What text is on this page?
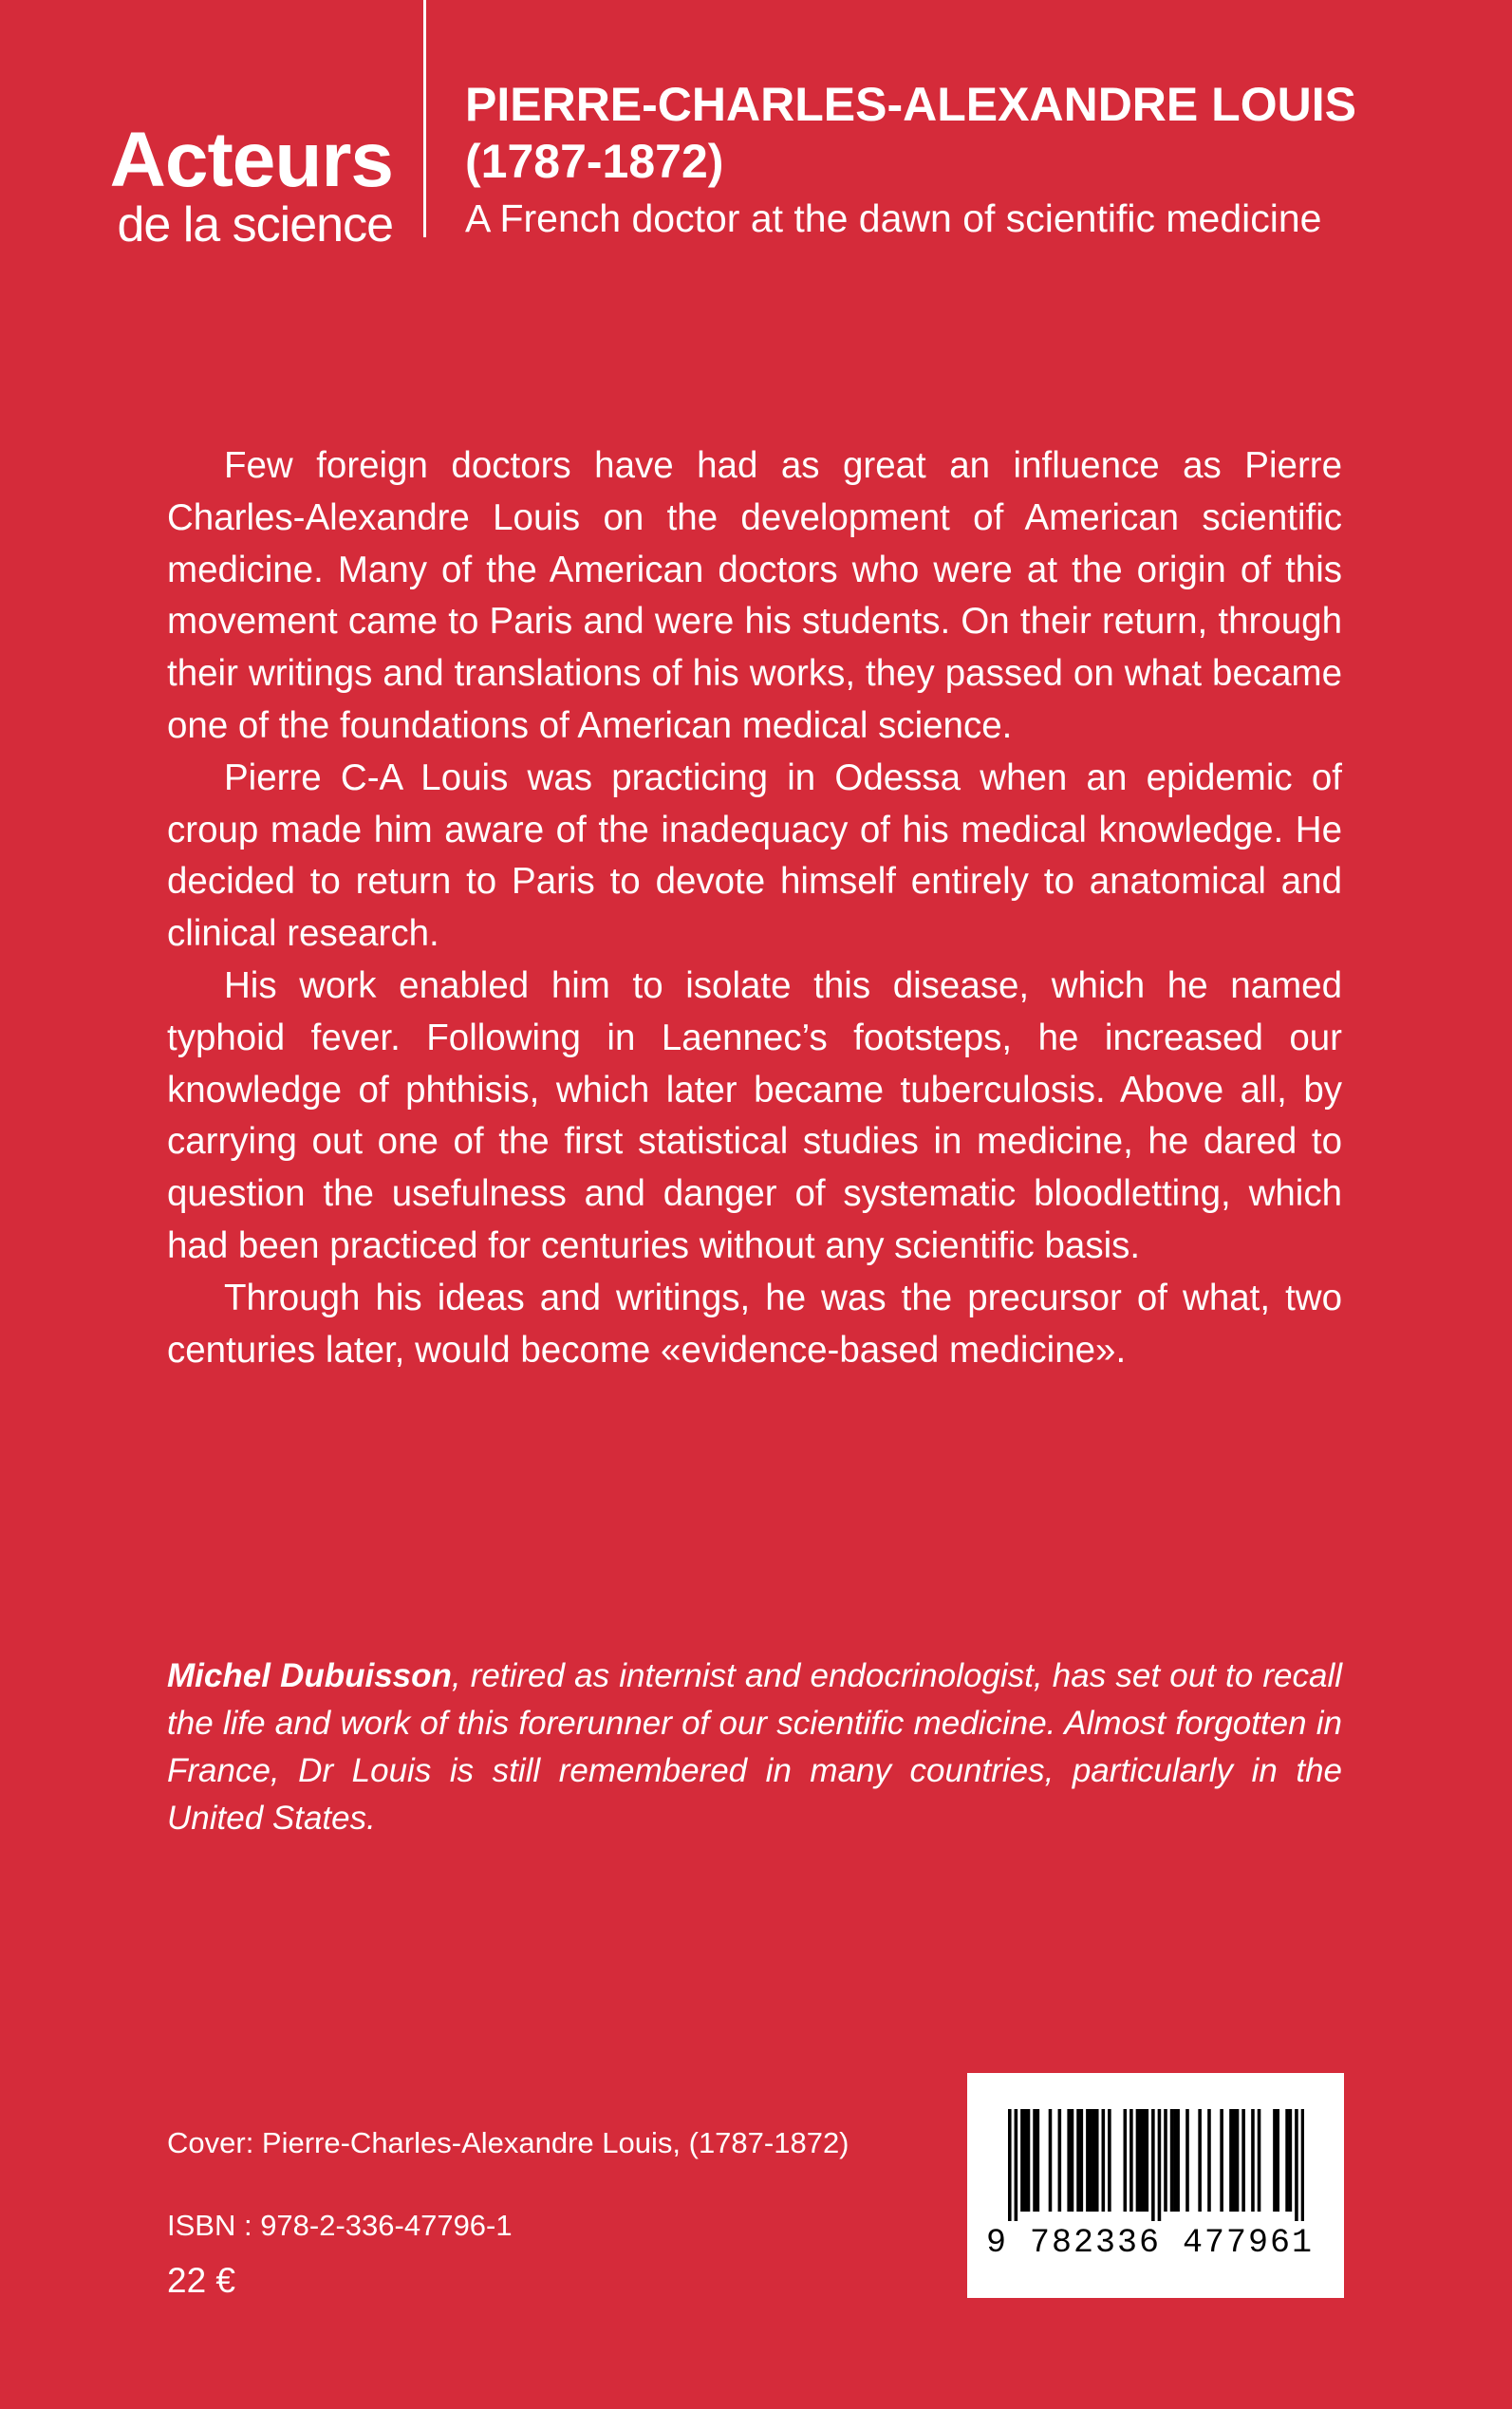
Acteurs
de la science
PIERRE-CHARLES-ALEXANDRE LOUIS
(1787-1872)
A French doctor at the dawn of scientific medicine

Few foreign doctors have had as great an influence as Pierre Charles-Alexandre Louis on the development of American scientific medicine. Many of the American doctors who were at the origin of this movement came to Paris and were his students. On their return, through their writings and translations of his works, they passed on what became one of the foundations of American medical science.

Pierre C-A Louis was practicing in Odessa when an epidemic of croup made him aware of the inadequacy of his medical knowledge. He decided to return to Paris to devote himself entirely to anatomical and clinical research.

His work enabled him to isolate this disease, which he named typhoid fever. Following in Laennec’s footsteps, he increased our knowledge of phthisis, which later became tuberculosis. Above all, by carrying out one of the first statistical studies in medicine, he dared to question the usefulness and danger of systematic bloodletting, which had been practiced for centuries without any scientific basis.

Through his ideas and writings, he was the precursor of what, two centuries later, would become «evidence-based medicine».

Michel Dubuisson, retired as internist and endocrinologist, has set out to recall the life and work of this forerunner of our scientific medicine. Almost forgotten in France, Dr Louis is still remembered in many countries, particularly in the United States.

Cover: Pierre-Charles-Alexandre Louis, (1787-1872)
ISBN : 978-2-336-47796-1
22 €
9 782336 477961
